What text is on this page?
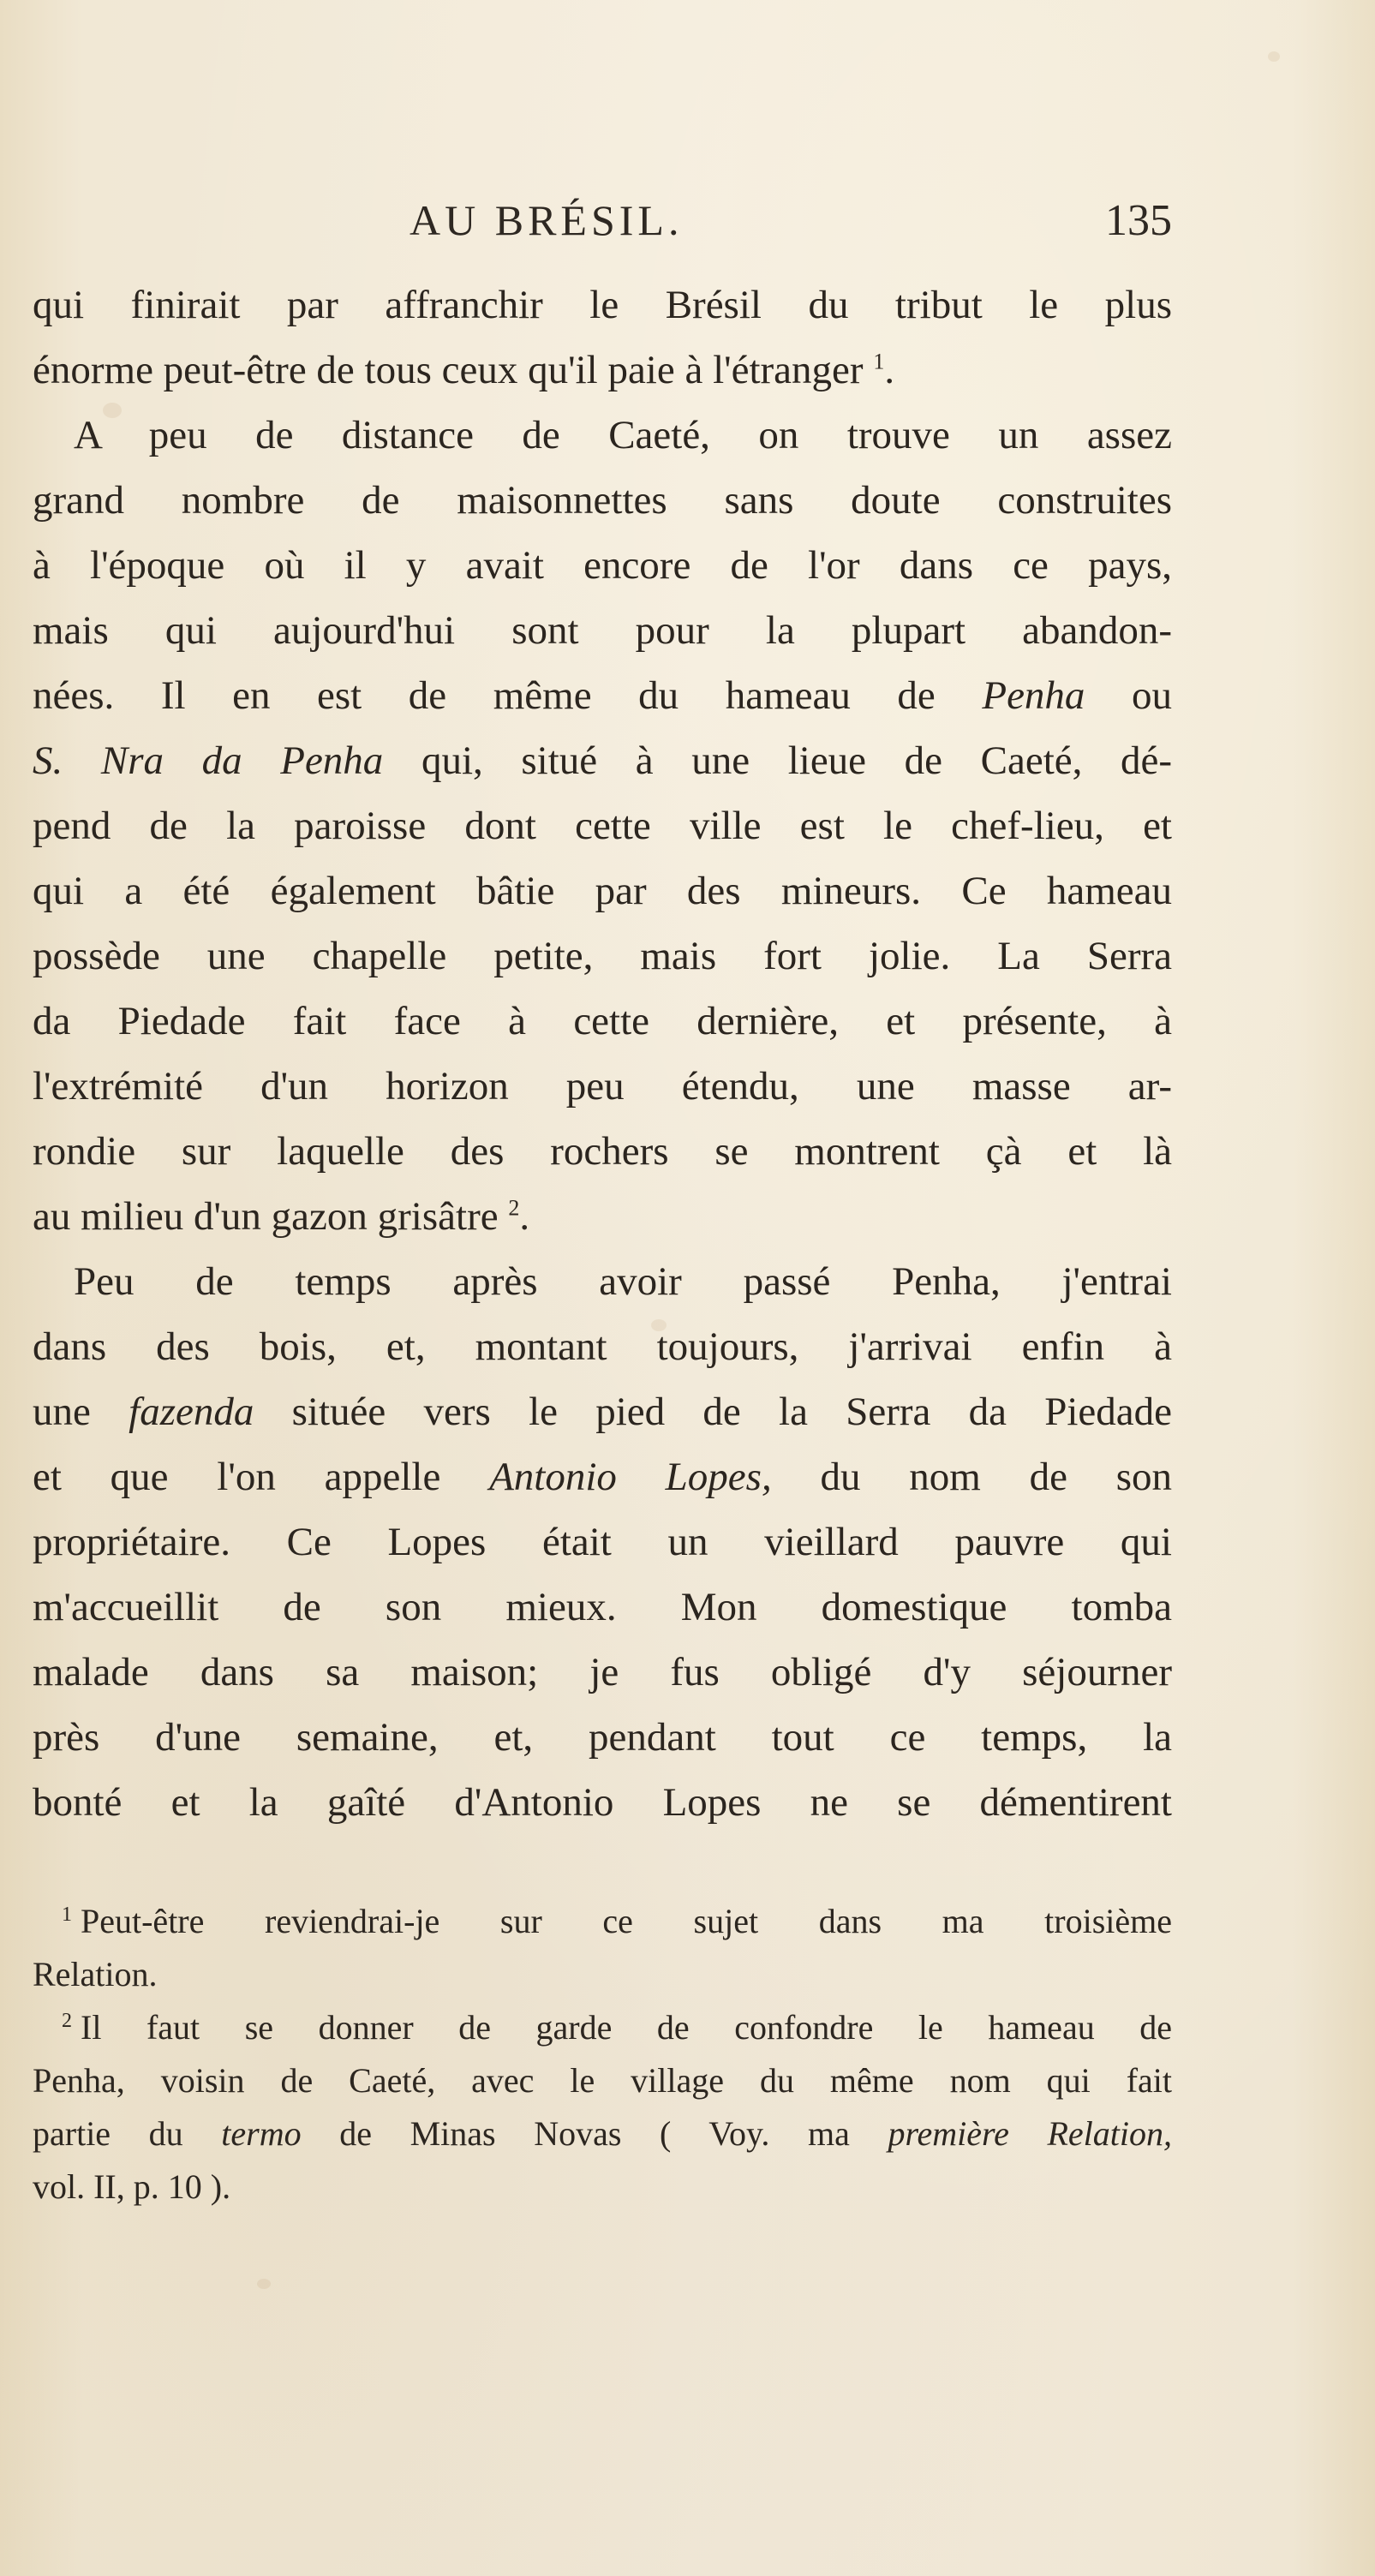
AU BRÉSIL.	135
qui finirait par affranchir le Brésil du tribut le plus
énorme peut-être de tous ceux qu'il paie à l'étranger $^1$.
A peu de distance de Caeté, on trouve un assez
grand nombre de maisonnettes sans doute construites
à l'époque où il y avait encore de l'or dans ce pays,
mais qui aujourd'hui sont pour la plupart abandon-
nées. Il en est de même du hameau de Penha ou
S. Nra da Penha qui, situé à une lieue de Caeté, dé-
pend de la paroisse dont cette ville est le chef-lieu, et
qui a été également bâtie par des mineurs. Ce hameau
possède une chapelle petite, mais fort jolie. La Serra
da Piedade fait face à cette dernière, et présente, à
l'extrémité d'un horizon peu étendu, une masse ar-
rondie sur laquelle des rochers se montrent çà et là
au milieu d'un gazon grisâtre $^2$.
Peu de temps après avoir passé Penha, j'entrai
dans des bois, et, montant toujours, j'arrivai enfin à
une fazenda située vers le pied de la Serra da Piedade
et que l'on appelle Antonio Lopes, du nom de son
propriétaire. Ce Lopes était un vieillard pauvre qui
m'accueillit de son mieux. Mon domestique tomba
malade dans sa maison; je fus obligé d'y séjourner
près d'une semaine, et, pendant tout ce temps, la
bonté et la gaîté d'Antonio Lopes ne se démentirent
$^1$ Peut-être reviendrai-je sur ce sujet dans ma troisième
Relation.
$^2$ Il faut se donner de garde de confondre le hameau de
Penha, voisin de Caeté, avec le village du même nom qui fait
partie du termo de Minas Novas ( Voy. ma première Relation,
vol. II, p. 10 ).
